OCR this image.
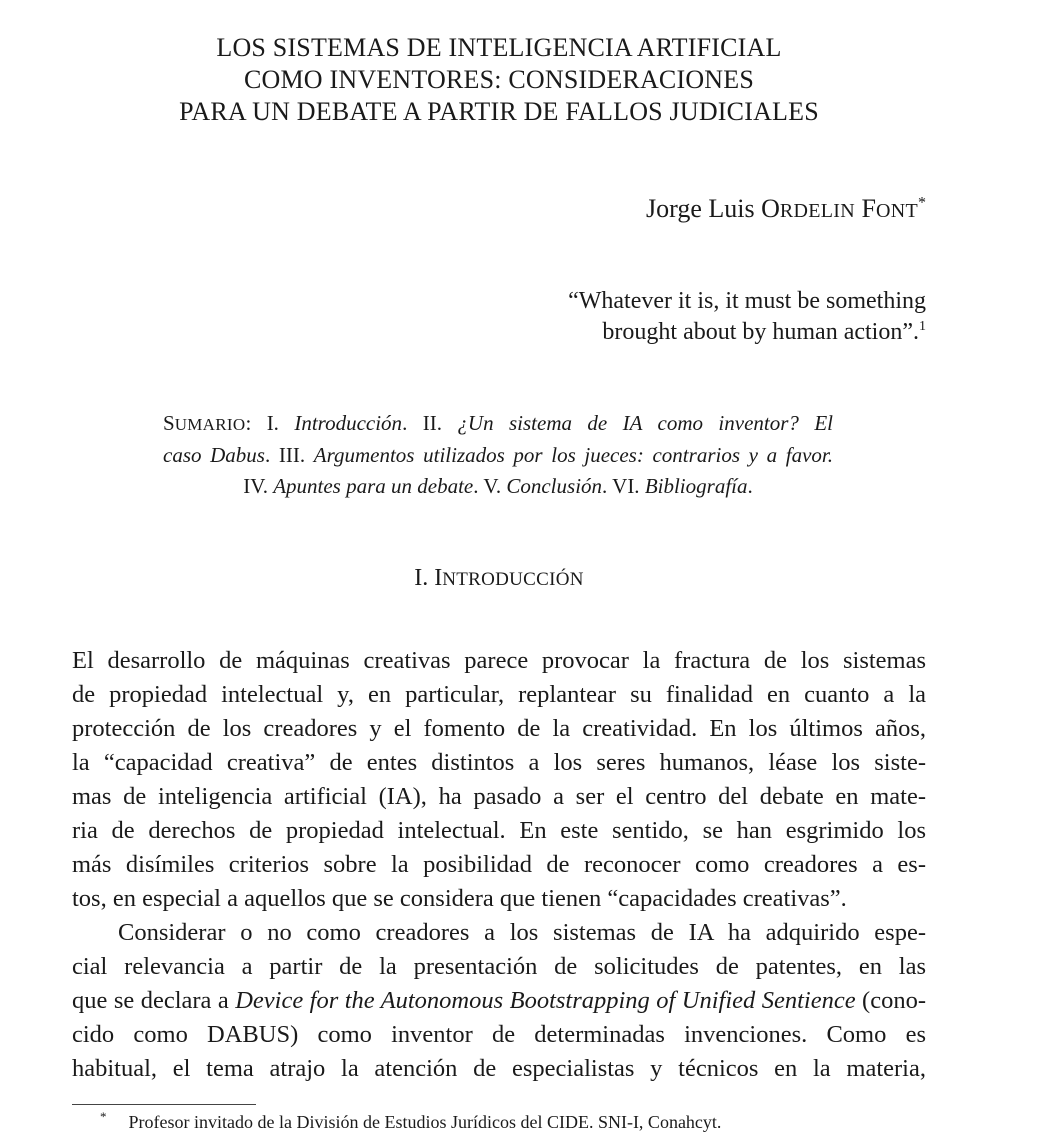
LOS SISTEMAS DE INTELIGENCIA ARTIFICIAL
COMO INVENTORES: CONSIDERACIONES
PARA UN DEBATE A PARTIR DE FALLOS JUDICIALES
Jorge Luis ORDELIN FONT*
“Whatever it is, it must be something
brought about by human action”.$^1$
SUMARIO: I. Introducción. II. ¿Un sistema de IA como inventor? El
caso Dabus. III. Argumentos utilizados por los jueces: contrarios y a favor.
IV. Apuntes para un debate. V. Conclusión. VI. Bibliografía.
I. INTRODUCCIÓN
El desarrollo de máquinas creativas parece provocar la fractura de los sistemas
de propiedad intelectual y, en particular, replantear su finalidad en cuanto a la
protección de los creadores y el fomento de la creatividad. En los últimos años,
la “capacidad creativa” de entes distintos a los seres humanos, léase los siste-
mas de inteligencia artificial (IA), ha pasado a ser el centro del debate en mate-
ria de derechos de propiedad intelectual. En este sentido, se han esgrimido los
más disímiles criterios sobre la posibilidad de reconocer como creadores a es-
tos, en especial a aquellos que se considera que tienen “capacidades creativas”.
Considerar o no como creadores a los sistemas de IA ha adquirido espe-
cial relevancia a partir de la presentación de solicitudes de patentes, en las
que se declara a Device for the Autonomous Bootstrapping of Unified Sentience (cono-
cido como DABUS) como inventor de determinadas invenciones. Como es
habitual, el tema atrajo la atención de especialistas y técnicos en la materia,
* Profesor invitado de la División de Estudios Jurídicos del CIDE. SNI-I, Conahcyt.
